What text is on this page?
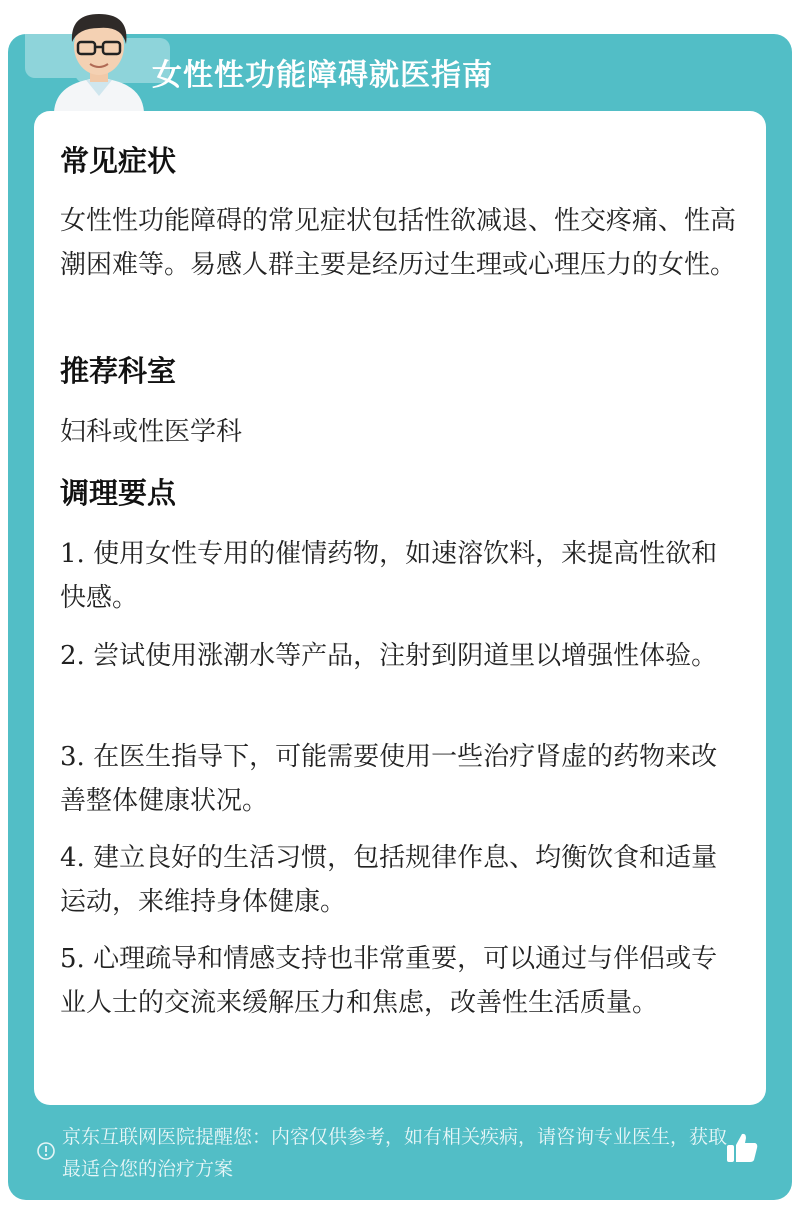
女性性功能障碍就医指南
常见症状
女性性功能障碍的常见症状包括性欲减退、性交疼痛、性高潮困难等。易感人群主要是经历过生理或心理压力的女性。
推荐科室
妇科或性医学科
调理要点
1. 使用女性专用的催情药物，如速溶饮料，来提高性欲和快感。
2. 尝试使用涨潮水等产品，注射到阴道里以增强性体验。
3. 在医生指导下，可能需要使用一些治疗肾虚的药物来改善整体健康状况。
4. 建立良好的生活习惯，包括规律作息、均衡饮食和适量运动，来维持身体健康。
5. 心理疏导和情感支持也非常重要，可以通过与伴侣或专业人士的交流来缓解压力和焦虑，改善性生活质量。
京东互联网医院提醒您：内容仅供参考，如有相关疾病，请咨询专业医生，获取最适合您的治疗方案
